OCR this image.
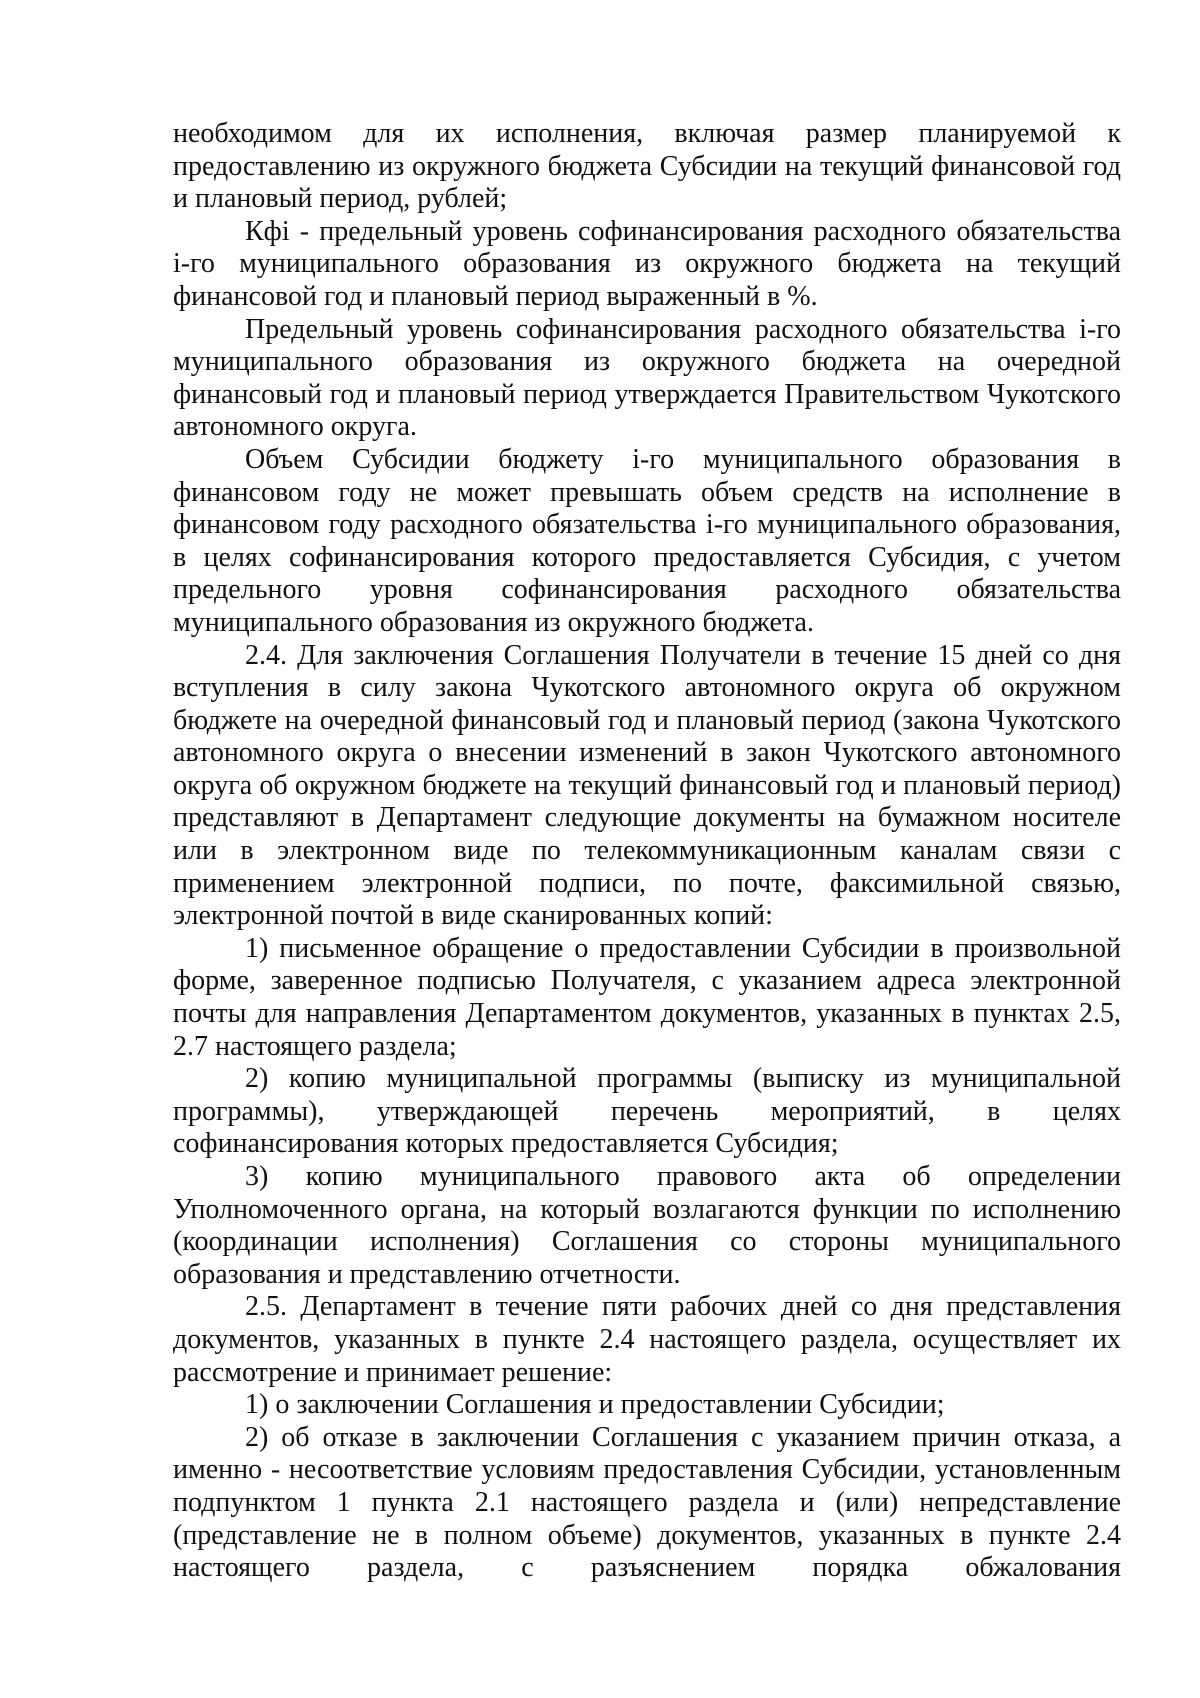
необходимом для их исполнения, включая размер планируемой к предоставлению из окружного бюджета Субсидии на текущий финансовой год и плановый период, рублей;

Кфі - предельный уровень софинансирования расходного обязательства і-го муниципального образования из окружного бюджета на текущий финансовой год и плановый период выраженный в %.

Предельный уровень софинансирования расходного обязательства і-го муниципального образования из окружного бюджета на очередной финансовый год и плановый период утверждается Правительством Чукотского автономного округа.

Объем Субсидии бюджету і-го муниципального образования в финансовом году не может превышать объем средств на исполнение в финансовом году расходного обязательства і-го муниципального образования, в целях софинансирования которого предоставляется Субсидия, с учетом предельного уровня софинансирования расходного обязательства муниципального образования из окружного бюджета.

2.4. Для заключения Соглашения Получатели в течение 15 дней со дня вступления в силу закона Чукотского автономного округа об окружном бюджете на очередной финансовый год и плановый период (закона Чукотского автономного округа о внесении изменений в закон Чукотского автономного округа об окружном бюджете на текущий финансовый год и плановый период) представляют в Департамент следующие документы на бумажном носителе или в электронном виде по телекоммуникационным каналам связи с применением электронной подписи, по почте, факсимильной связью, электронной почтой в виде сканированных копий:

1) письменное обращение о предоставлении Субсидии в произвольной форме, заверенное подписью Получателя, с указанием адреса электронной почты для направления Департаментом документов, указанных в пунктах 2.5, 2.7 настоящего раздела;

2) копию муниципальной программы (выписку из муниципальной программы), утверждающей перечень мероприятий, в целях софинансирования которых предоставляется Субсидия;

3) копию муниципального правового акта об определении Уполномоченного органа, на который возлагаются функции по исполнению (координации исполнения) Соглашения со стороны муниципального образования и представлению отчетности.

2.5. Департамент в течение пяти рабочих дней со дня представления документов, указанных в пункте 2.4 настоящего раздела, осуществляет их рассмотрение и принимает решение:

1) о заключении Соглашения и предоставлении Субсидии;

2) об отказе в заключении Соглашения с указанием причин отказа, а именно - несоответствие условиям предоставления Субсидии, установленным подпунктом 1 пункта 2.1 настоящего раздела и (или) непредставление (представление не в полном объеме) документов, указанных в пункте 2.4 настоящего раздела, с разъяснением порядка обжалования
